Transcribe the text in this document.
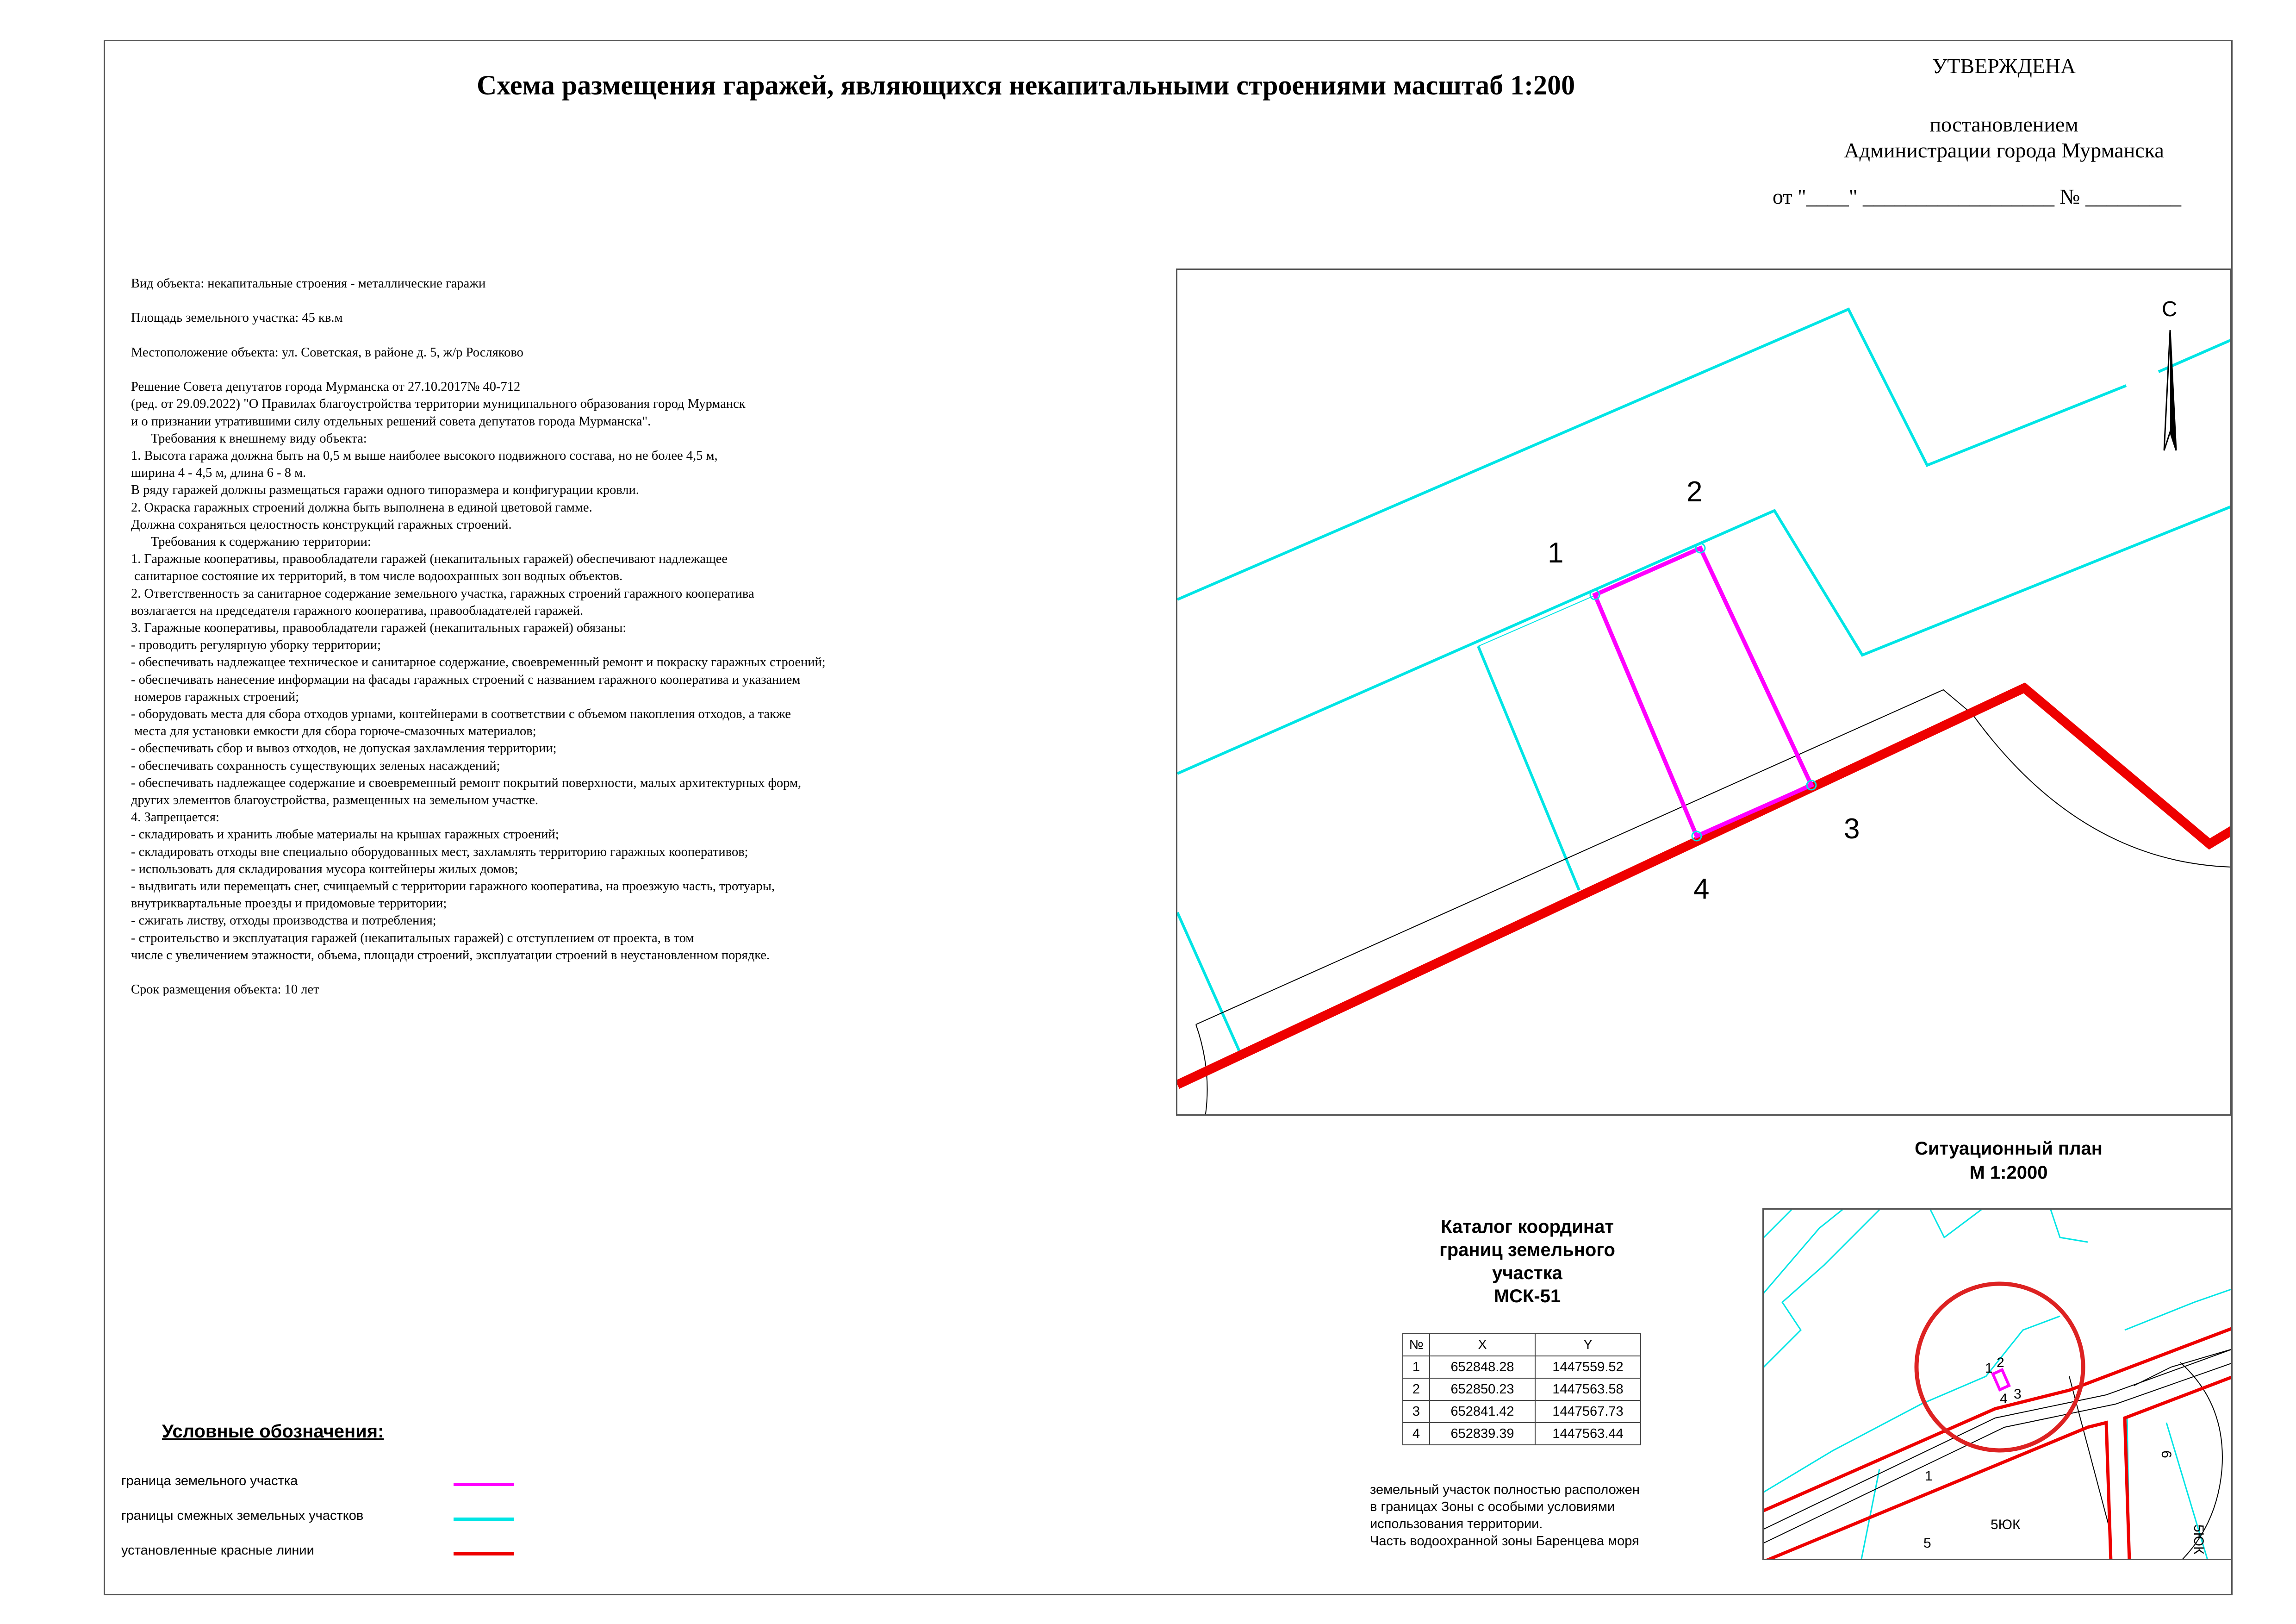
Схема размещения гаражей, являющихся некапитальными строениями масштаб 1:200
УТВЕРЖДЕНА
постановлением
Администрации города Мурманска
от "____" __________________ № _________
Вид объекта: некапитальные строения - металлические гаражи
Площадь земельного участка: 45 кв.м
Местоположение объекта: ул. Советская, в районе д. 5, ж/р Росляково
Решение Совета депутатов города Мурманска от 27.10.2017№ 40-712
(ред. от 29.09.2022) "О Правилах благоустройства территории муниципального образования город Мурманск
и о признании утратившими силу отдельных решений совета депутатов города Мурманска".
Требования к внешнему виду объекта:
1. Высота гаража должна быть на 0,5 м выше наиболее высокого подвижного состава, но не более 4,5 м,
ширина 4 - 4,5 м, длина 6 - 8 м.
В ряду гаражей должны размещаться гаражи одного типоразмера и конфигурации кровли.
2. Окраска гаражных строений должна быть выполнена в единой цветовой гамме.
Должна сохраняться целостность конструкций гаражных строений.
Требования к содержанию территории:
1. Гаражные кооперативы, правообладатели гаражей (некапитальных гаражей) обеспечивают надлежащее
санитарное состояние их территорий, в том числе водоохранных зон водных объектов.
2. Ответственность за санитарное содержание земельного участка, гаражных строений гаражного кооператива
возлагается на председателя гаражного кооператива, правообладателей гаражей.
3. Гаражные кооперативы, правообладатели гаражей (некапитальных гаражей) обязаны:
- проводить регулярную уборку территории;
- обеспечивать надлежащее техническое и санитарное содержание, своевременный ремонт и покраску гаражных строений;
- обеспечивать нанесение информации на фасады гаражных строений с названием гаражного кооператива и указанием
номеров гаражных строений;
- оборудовать места для сбора отходов урнами, контейнерами в соответствии с объемом накопления отходов, а также
места для установки емкости для сбора горюче-смазочных материалов;
- обеспечивать сбор и вывоз отходов, не допуская захламления территории;
- обеспечивать сохранность существующих зеленых насаждений;
- обеспечивать надлежащее содержание и своевременный ремонт покрытий поверхности, малых архитектурных форм,
других элементов благоустройства, размещенных на земельном участке.
4. Запрещается:
- складировать и хранить любые материалы на крышах гаражных строений;
- складировать отходы вне специально оборудованных мест, захламлять территорию гаражных кооперативов;
- использовать для складирования мусора контейнеры жилых домов;
- выдвигать или перемещать снег, счищаемый с территории гаражного кооператива, на проезжую часть, тротуары,
внутриквартальные проезды и придомовые территории;
- сжигать листву, отходы производства и потребления;
- строительство и эксплуатация гаражей (некапитальных гаражей) с отступлением от проекта, в том
числе с увеличением этажности, объема, площади строений, эксплуатации строений в неустановленном порядке.
Срок размещения объекта: 10 лет
1
2
3
4
С
Ситуационный план
М 1:2000
1 2
3
4
1
5
6
5ЮК	5ЮК
Каталог координат
границ земельного
участка
МСК-51
№	X	Y
1	652848.28	1447559.52
2	652850.23	1447563.58
3	652841.42	1447567.73
4	652839.39	1447563.44
земельный участок полностью расположен
в границах Зоны с особыми условиями
использования территории.
Часть водоохранной зоны Баренцева моря
Условные обозначения:
граница земельного участка
границы смежных земельных участков
установленные красные линии
